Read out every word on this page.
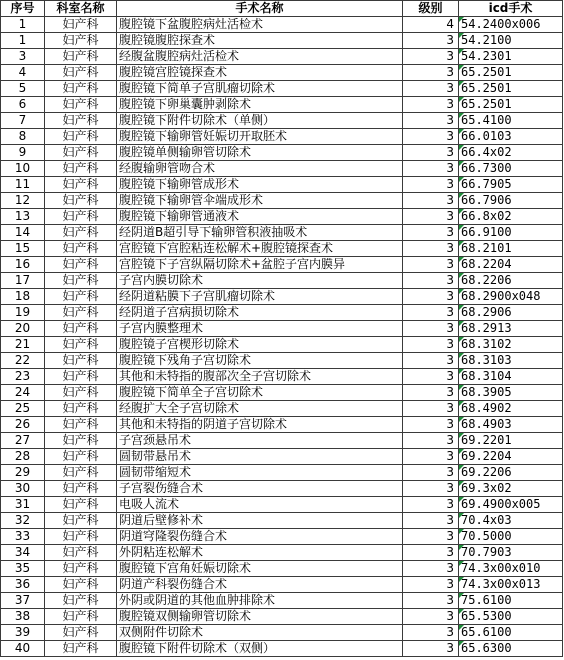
序号	科室名称	手术名称	级别	icd手术
1	妇产科	腹腔镜下盆腹腔病灶活检术	4	54.2400x006
1	妇产科	腹腔镜腹腔探查术	3	54.2100
3	妇产科	经腹盆腹腔病灶活检术	3	54.2301
4	妇产科	腹腔镜宫腔镜探查术	3	65.2501
5	妇产科	腹腔镜下简单子宫肌瘤切除术	3	65.2501
6	妇产科	腹腔镜下卵巢囊肿剥除术	3	65.2501
7	妇产科	腹腔镜下附件切除术（单侧）	3	65.4100
8	妇产科	腹腔镜下输卵管妊娠切开取胚术	3	66.0103
9	妇产科	腹腔镜单侧输卵管切除术	3	66.4x02
10	妇产科	经腹输卵管吻合术	3	66.7300
11	妇产科	腹腔镜下输卵管成形术	3	66.7905
12	妇产科	腹腔镜下输卵管伞端成形术	3	66.7906
13	妇产科	腹腔镜下输卵管通液术	3	66.8x02
14	妇产科	经阴道B超引导下输卵管积液抽吸术	3	66.9100
15	妇产科	宫腔镜下宫腔粘连松解术+腹腔镜探查术	3	68.2101
16	妇产科	宫腔镜下子宫纵隔切除术+盆腔子宫内膜异	3	68.2204
17	妇产科	子宫内膜切除术	3	68.2206
18	妇产科	经阴道粘膜下子宫肌瘤切除术	3	68.2900x048
19	妇产科	经阴道子宫病损切除术	3	68.2906
20	妇产科	子宫内膜整理术	3	68.2913
21	妇产科	腹腔镜子宫楔形切除术	3	68.3102
22	妇产科	腹腔镜下残角子宫切除术	3	68.3103
23	妇产科	其他和未特指的腹部次全子宫切除术	3	68.3104
24	妇产科	腹腔镜下简单全子宫切除术	3	68.3905
25	妇产科	经腹扩大全子宫切除术	3	68.4902
26	妇产科	其他和未特指的阴道子宫切除术	3	68.4903
27	妇产科	子宫颈悬吊术	3	69.2201
28	妇产科	圆韧带悬吊术	3	69.2204
29	妇产科	圆韧带缩短术	3	69.2206
30	妇产科	子宫裂伤缝合术	3	69.3x02
31	妇产科	电吸人流术	3	69.4900x005
32	妇产科	阴道后壁修补术	3	70.4x03
33	妇产科	阴道穹隆裂伤缝合术	3	70.5000
34	妇产科	外阴粘连松解术	3	70.7903
35	妇产科	腹腔镜下宫角妊娠切除术	3	74.3x00x010
36	妇产科	阴道产科裂伤缝合术	3	74.3x00x013
37	妇产科	外阴或阴道的其他血肿排除术	3	75.6100
38	妇产科	腹腔镜双侧输卵管切除术	3	65.5300
39	妇产科	双侧附件切除术	3	65.6100
40	妇产科	腹腔镜下附件切除术（双侧）	3	65.6300
